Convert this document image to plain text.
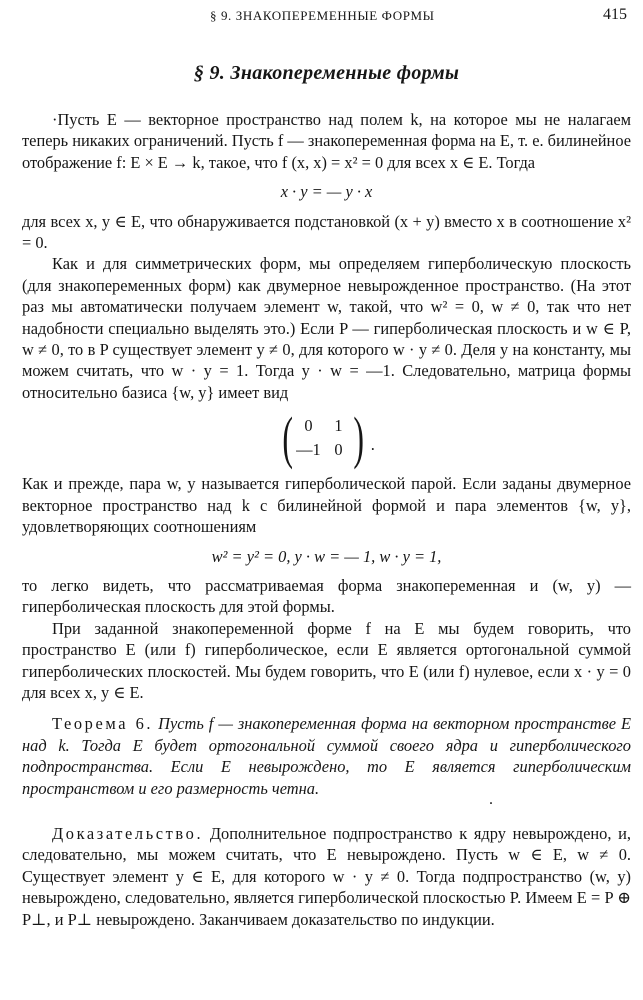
§ 9. ЗНАКОПЕРЕМЕННЫЕ ФОРМЫ	415
§ 9. Знакопеременные формы

·Пусть E — векторное пространство над полем k, на которое мы не налагаем теперь никаких ограничений. Пусть f — знакопеременная форма на E, т. е. билинейное отображение f: E × E → k, такое, что f (x, x) = x² = 0 для всех x ∈ E. Тогда

x · y = — y · x

для всех x, y ∈ E, что обнаруживается подстановкой (x + y) вместо x в соотношение x² = 0.

Как и для симметрических форм, мы определяем гиперболическую плоскость (для знакопеременных форм) как двумерное невырожденное пространство. (На этот раз мы автоматически получаем элемент w, такой, что w² = 0, w ≠ 0, так что нет надобности специально выделять это.) Если P — гиперболическая плоскость и w ∈ P, w ≠ 0, то в P существует элемент y ≠ 0, для которого w · y ≠ 0. Деля y на константу, мы можем считать, что w · y = 1. Тогда y · w = —1. Следовательно, матрица формы относительно базиса {w, y} имеет вид

( 0	1
—1 0 ) .

Как и прежде, пара w, y называется гиперболической парой. Если заданы двумерное векторное пространство над k с билинейной формой и пара элементов {w, y}, удовлетворяющих соотношениям

w² = y² = 0, y · w = — 1, w · y = 1,

то легко видеть, что рассматриваемая форма знакопеременная и (w, y) — гиперболическая плоскость для этой формы.

При заданной знакопеременной форме f на E мы будем говорить, что пространство E (или f) гиперболическое, если E является ортогональной суммой гиперболических плоскостей. Мы будем говорить, что E (или f) нулевое, если x · y = 0 для всех x, y ∈ E.

Теорема 6. Пусть f — знакопеременная форма на векторном пространстве E над k. Тогда E будет ортогональной суммой своего ядра и гиперболического подпространства. Если E невырождено, то E является гиперболическим пространством и его размерность четна.

.

Доказательство. Дополнительное подпространство к ядру невырождено, и, следовательно, мы можем считать, что E невырождено. Пусть w ∈ E, w ≠ 0. Существует элемент y ∈ E, для которого w · y ≠ 0. Тогда подпространство (w, y) невырождено, следовательно, является гиперболической плоскостью P. Имеем E = P ⊕ P⊥, и P⊥ невырождено. Заканчиваем доказательство по индукции.
